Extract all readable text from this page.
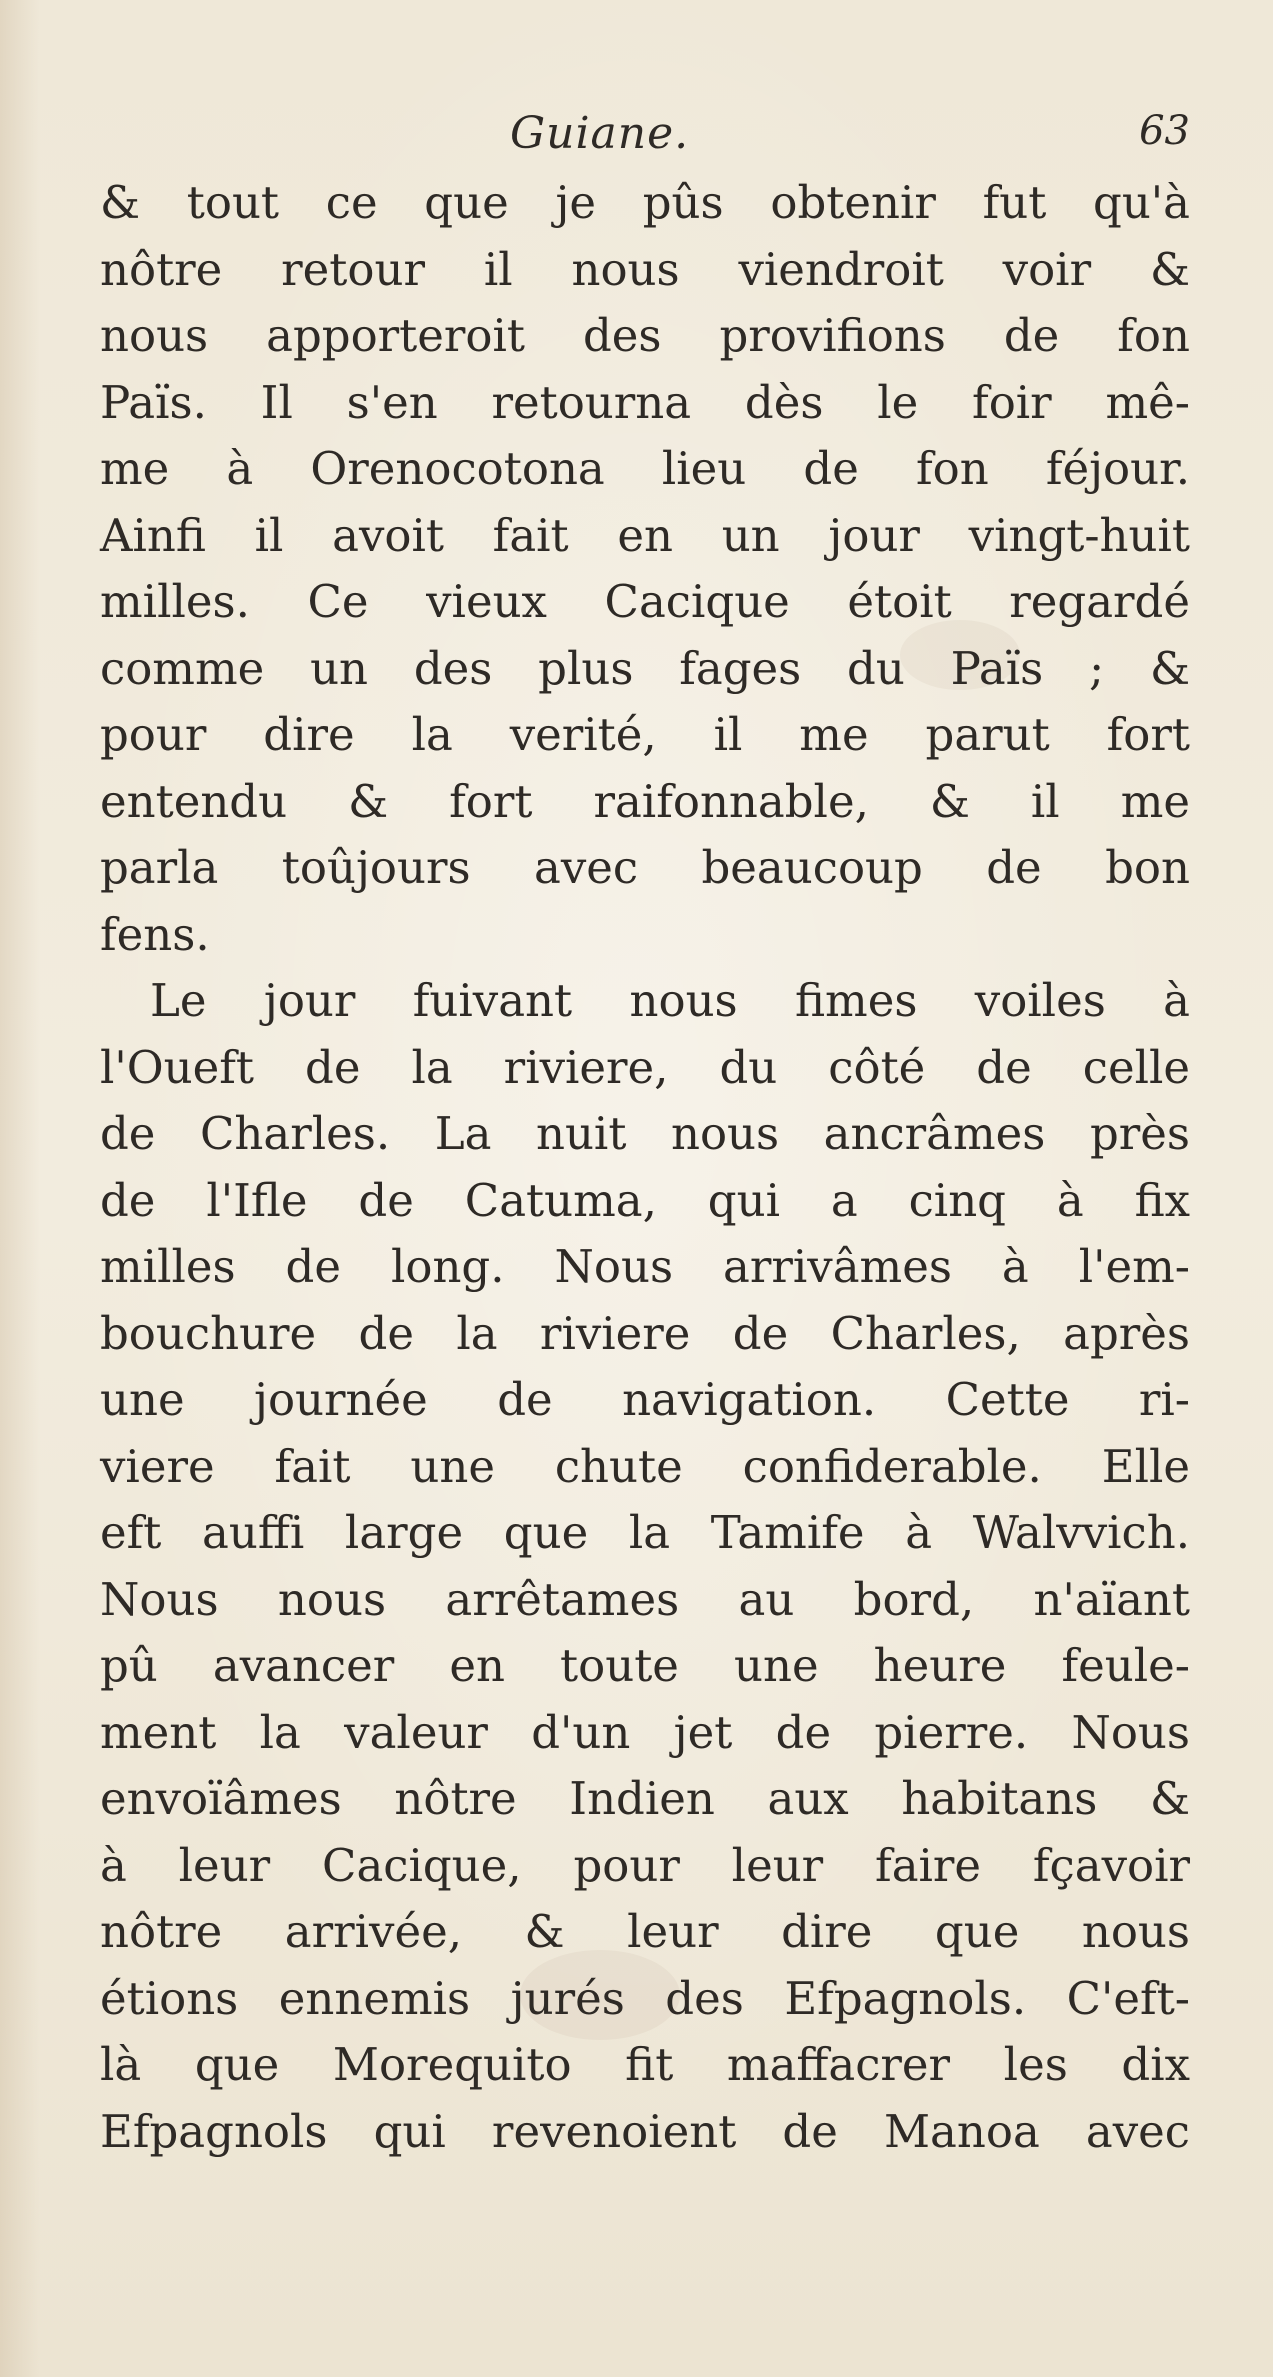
Guiane.	63
& tout ce que je pûs obtenir fut qu'à
nôtre retour il nous viendroit voir &
nous apporteroit des provifions de fon
Païs. Il s'en retourna dès le foir mê-
me à Orenocotona lieu de fon féjour.
Ainfi il avoit fait en un jour vingt-huit
milles. Ce vieux Cacique étoit regardé
comme un des plus fages du Païs ; &
pour dire la verité, il me parut fort
entendu & fort raifonnable, & il me
parla toûjours avec beaucoup de bon
fens.
Le jour fuivant nous fimes voiles à
l'Oueft de la riviere, du côté de celle
de Charles. La nuit nous ancrâmes près
de l'Ifle de Catuma, qui a cinq à fix
milles de long. Nous arrivâmes à l'em-
bouchure de la riviere de Charles, après
une journée de navigation. Cette ri-
viere fait une chute confiderable. Elle
eft auffi large que la Tamife à Walvvich.
Nous nous arrêtames au bord, n'aïant
pû avancer en toute une heure feule-
ment la valeur d'un jet de pierre. Nous
envoïâmes nôtre Indien aux habitans &
à leur Cacique, pour leur faire fçavoir
nôtre arrivée, & leur dire que nous
étions ennemis jurés des Efpagnols. C'eft-
là que Morequito fit maffacrer les dix
Efpagnols qui revenoient de Manoa avec
